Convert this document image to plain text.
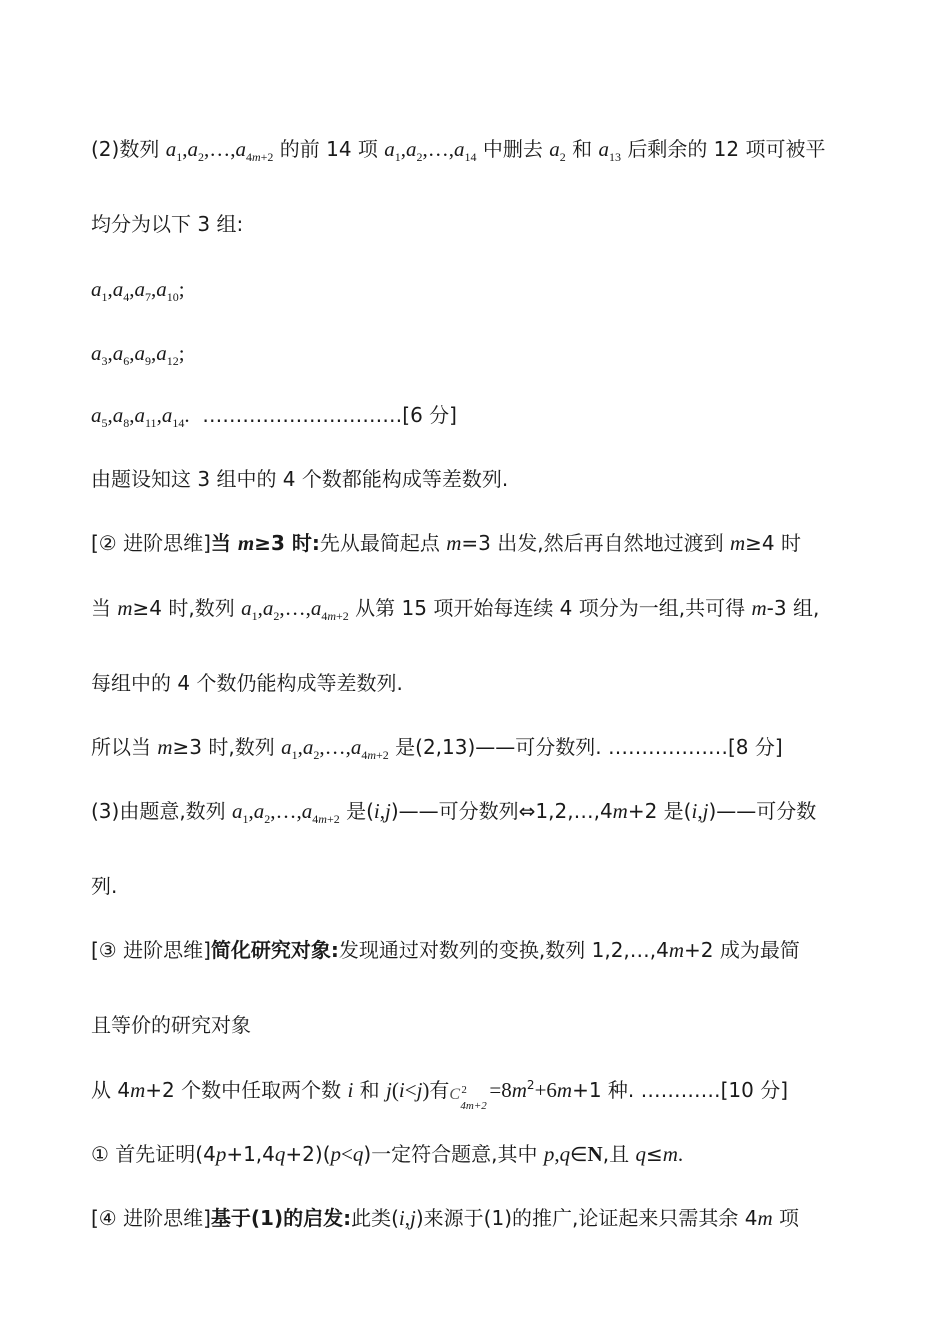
(2)数列 $a_1,a_2,\dots,a_{4m+2}$ 的前 14 项 $a_1,a_2,\dots,a_{14}$ 中删去 $a_2$ 和 $a_{13}$ 后剩余的 12 项可被平
均分为以下 3 组:
$a_1,a_4,a_7,a_{10}$;
$a_3,a_6,a_9,a_{12}$;
$a_5,a_8,a_{11},a_{14}$.  …………………………[6 分]
由题设知这 3 组中的 4 个数都能构成等差数列.
[② 进阶思维]当 m≥3 时:先从最简起点 m=3 出发,然后再自然地过渡到 m≥4 时
当 m≥4 时,数列 $a_1,a_2,\dots,a_{4m+2}$ 从第 15 项开始每连续 4 项分为一组,共可得 m-3 组,
每组中的 4 个数仍能构成等差数列.
所以当 m≥3 时,数列 $a_1,a_2,\dots,a_{4m+2}$ 是(2,13)——可分数列. ………………[8 分]
(3)由题意,数列 $a_1,a_2,\dots,a_{4m+2}$ 是(i,j)——可分数列⇔1,2,…,4m+2 是(i,j)——可分数
列.
[③ 进阶思维]简化研究对象:发现通过对数列的变换,数列 1,2,…,4m+2 成为最简
且等价的研究对象
从 4m+2 个数中任取两个数 i 和 j(i<j)有 C 2
4m+2
$=8m^2+6m+1$ 种. …………[10 分]
① 首先证明(4p+1,4q+2)(p<q)一定符合题意,其中 p,q∈N,且 q≤m.
[④ 进阶思维]基于(1)的启发:此类(i,j)来源于(1)的推广,论证起来只需其余 4m 项
